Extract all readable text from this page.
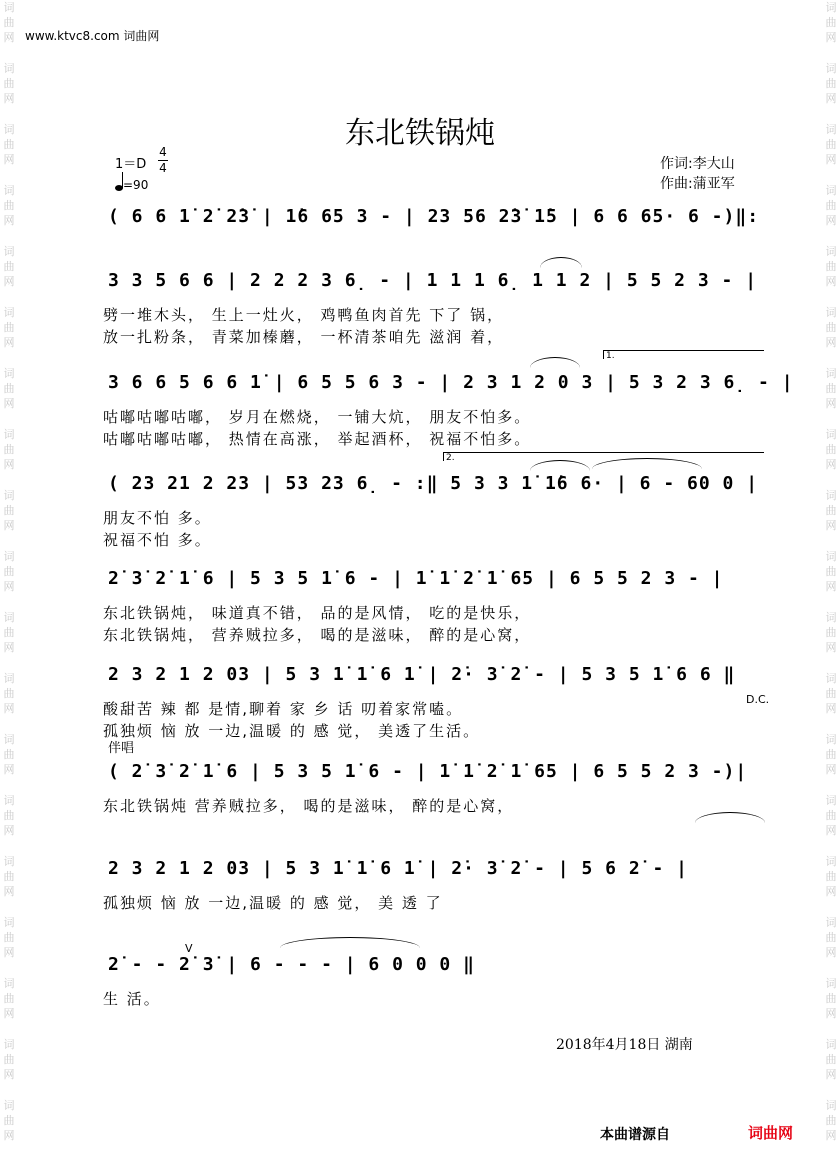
词
曲
网
词
曲
网
词
曲
网
词
曲
网
词
曲
网
词
曲
网
词
曲
网
词
曲
网
词
曲
网
词
曲
网
词
曲
网
词
曲
网
词
曲
网
词
曲
网
词
曲
网
词
曲
网
词
曲
网
词
曲
网
词
曲
网
词
曲
网
词
曲
网
词
曲
网
词
曲
网
词
曲
网
词
曲
网
词
曲
网
词
曲
网
词
曲
网
词
曲
网
词
曲
网
词
曲
网
词
曲
网
词
曲
网
词
曲
网
词
曲
网
词
曲
网
词
曲
网
词
曲
网
www.ktvc8.com 词曲网
东北铁锅炖
1＝D
4
4
=90
作词:李大山
作曲:蒲亚军
( 6 6 1̇ 2̇ 2̇3̇ | 1̇6 65 3 - | 23 56 2̇3̇ 1̇5 | 6 6 65· 6 -)‖:
3 3 5 6 6 | 2 2 2 3 6̣ - | 1 1 1 6̣ 1 1 2 | 5 5 2 3 - |
劈一堆木头， 生上一灶火， 鸡鸭鱼肉首先 下了 锅，
放一扎粉条， 青菜加榛蘑， 一杯清茶咱先 滋润 着，
3 6 6 5 6 6 1̇ | 6 5 5 6 3 - | 2 3 1 2 0 3 | 5 3 2 3 6̣ - |
咕嘟咕嘟咕嘟， 岁月在燃烧， 一铺大炕， 朋友不怕多。
咕嘟咕嘟咕嘟， 热情在高涨， 举起酒杯， 祝福不怕多。
( 23 21 2 23 | 53 23 6̣ - :‖ 5 3 3 1̇ 1̇6 6· | 6 - 60 0 |
朋友不怕 多。
祝福不怕 多。
2̇ 3̇ 2̇ 1̇ 6 | 5 3 5 1̇ 6 - | 1̇ 1̇ 2̇ 1̇ 65 | 6 5 5 2 3 - |
东北铁锅炖， 味道真不错， 品的是风情， 吃的是快乐，
东北铁锅炖， 营养贼拉多， 喝的是滋味， 醉的是心窝，
2 3 2 1 2 03 | 5 3 1̇ 1̇ 6 1̇ | 2̇· 3̇ 2̇ - | 5 3 5 1̇ 6 6 ‖
酸甜苦 辣 都 是情,聊着 家 乡 话 叨着家常嗑。
孤独烦 恼 放 一边,温暖 的 感 觉， 美透了生活。
( 2̇ 3̇ 2̇ 1̇ 6 | 5 3 5 1̇ 6 - | 1̇ 1̇ 2̇ 1̇ 65 | 6 5 5 2 3 -)|
东北铁锅炖 营养贼拉多， 喝的是滋味， 醉的是心窝，
2 3 2 1 2 03 | 5 3 1̇ 1̇ 6 1̇ | 2̇· 3̇ 2̇ - | 5 6 2̇ - |
孤独烦 恼 放 一边,温暖 的 感 觉， 美 透 了
2̇ - - 2̇ 3̇ | 6 - - - | 6 0 0 0 ‖
生 活。
1.
2.
D.C.
伴唱
V
2018年4月18日 湖南
本曲谱源自	词曲网
